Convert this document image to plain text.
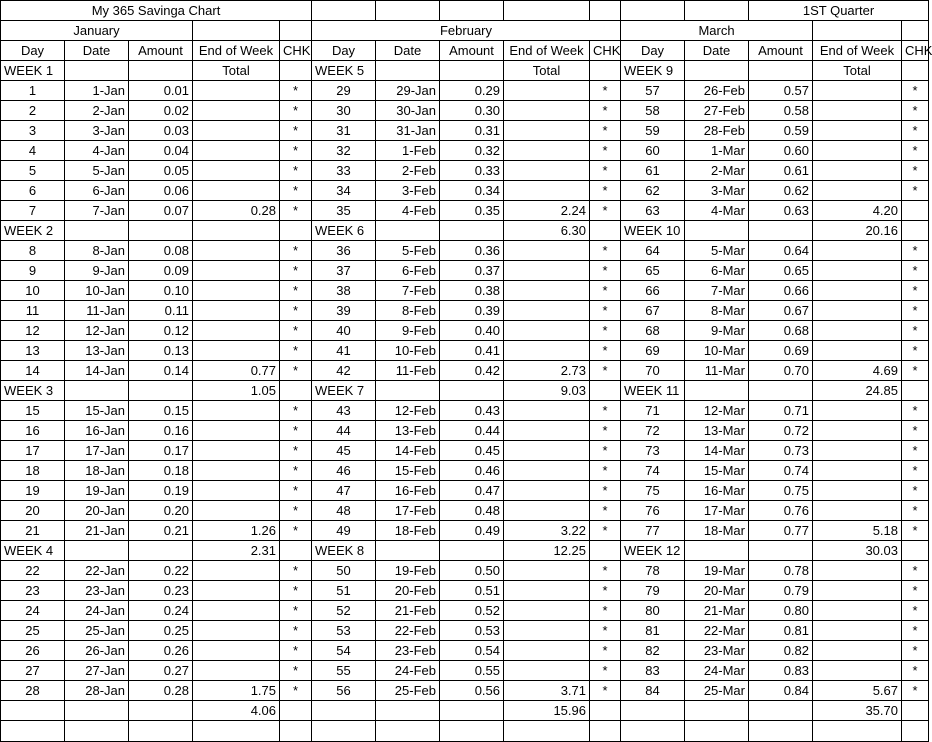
My 365 Savinga Chart												1ST Quarter		
January					February					March				
Day	Date	Amount	End of Week	CHK	Day	Date	Amount	End of Week	CHK	Day	Date	Amount	End of Week	CHK
WEEK 1			Total		WEEK 5			Total		WEEK 9			Total	
1	1-Jan	0.01		*	29	29-Jan	0.29		*	57	26-Feb	0.57		*
2	2-Jan	0.02		*	30	30-Jan	0.30		*	58	27-Feb	0.58		*
3	3-Jan	0.03		*	31	31-Jan	0.31		*	59	28-Feb	0.59		*
4	4-Jan	0.04		*	32	1-Feb	0.32		*	60	1-Mar	0.60		*
5	5-Jan	0.05		*	33	2-Feb	0.33		*	61	2-Mar	0.61		*
6	6-Jan	0.06		*	34	3-Feb	0.34		*	62	3-Mar	0.62		*
7	7-Jan	0.07	0.28	*	35	4-Feb	0.35	2.24	*	63	4-Mar	0.63	4.20	
WEEK 2					WEEK 6			6.30		WEEK 10			20.16	
8	8-Jan	0.08		*	36	5-Feb	0.36		*	64	5-Mar	0.64		*
9	9-Jan	0.09		*	37	6-Feb	0.37		*	65	6-Mar	0.65		*
10	10-Jan	0.10		*	38	7-Feb	0.38		*	66	7-Mar	0.66		*
11	11-Jan	0.11		*	39	8-Feb	0.39		*	67	8-Mar	0.67		*
12	12-Jan	0.12		*	40	9-Feb	0.40		*	68	9-Mar	0.68		*
13	13-Jan	0.13		*	41	10-Feb	0.41		*	69	10-Mar	0.69		*
14	14-Jan	0.14	0.77	*	42	11-Feb	0.42	2.73	*	70	11-Mar	0.70	4.69	*
WEEK 3			1.05		WEEK 7			9.03		WEEK 11			24.85	
15	15-Jan	0.15		*	43	12-Feb	0.43		*	71	12-Mar	0.71		*
16	16-Jan	0.16		*	44	13-Feb	0.44		*	72	13-Mar	0.72		*
17	17-Jan	0.17		*	45	14-Feb	0.45		*	73	14-Mar	0.73		*
18	18-Jan	0.18		*	46	15-Feb	0.46		*	74	15-Mar	0.74		*
19	19-Jan	0.19		*	47	16-Feb	0.47		*	75	16-Mar	0.75		*
20	20-Jan	0.20		*	48	17-Feb	0.48		*	76	17-Mar	0.76		*
21	21-Jan	0.21	1.26	*	49	18-Feb	0.49	3.22	*	77	18-Mar	0.77	5.18	*
WEEK 4			2.31		WEEK 8			12.25		WEEK 12			30.03	
22	22-Jan	0.22		*	50	19-Feb	0.50		*	78	19-Mar	0.78		*
23	23-Jan	0.23		*	51	20-Feb	0.51		*	79	20-Mar	0.79		*
24	24-Jan	0.24		*	52	21-Feb	0.52		*	80	21-Mar	0.80		*
25	25-Jan	0.25		*	53	22-Feb	0.53		*	81	22-Mar	0.81		*
26	26-Jan	0.26		*	54	23-Feb	0.54		*	82	23-Mar	0.82		*
27	27-Jan	0.27		*	55	24-Feb	0.55		*	83	24-Mar	0.83		*
28	28-Jan	0.28	1.75	*	56	25-Feb	0.56	3.71	*	84	25-Mar	0.84	5.67	*
			4.06					15.96					35.70	
